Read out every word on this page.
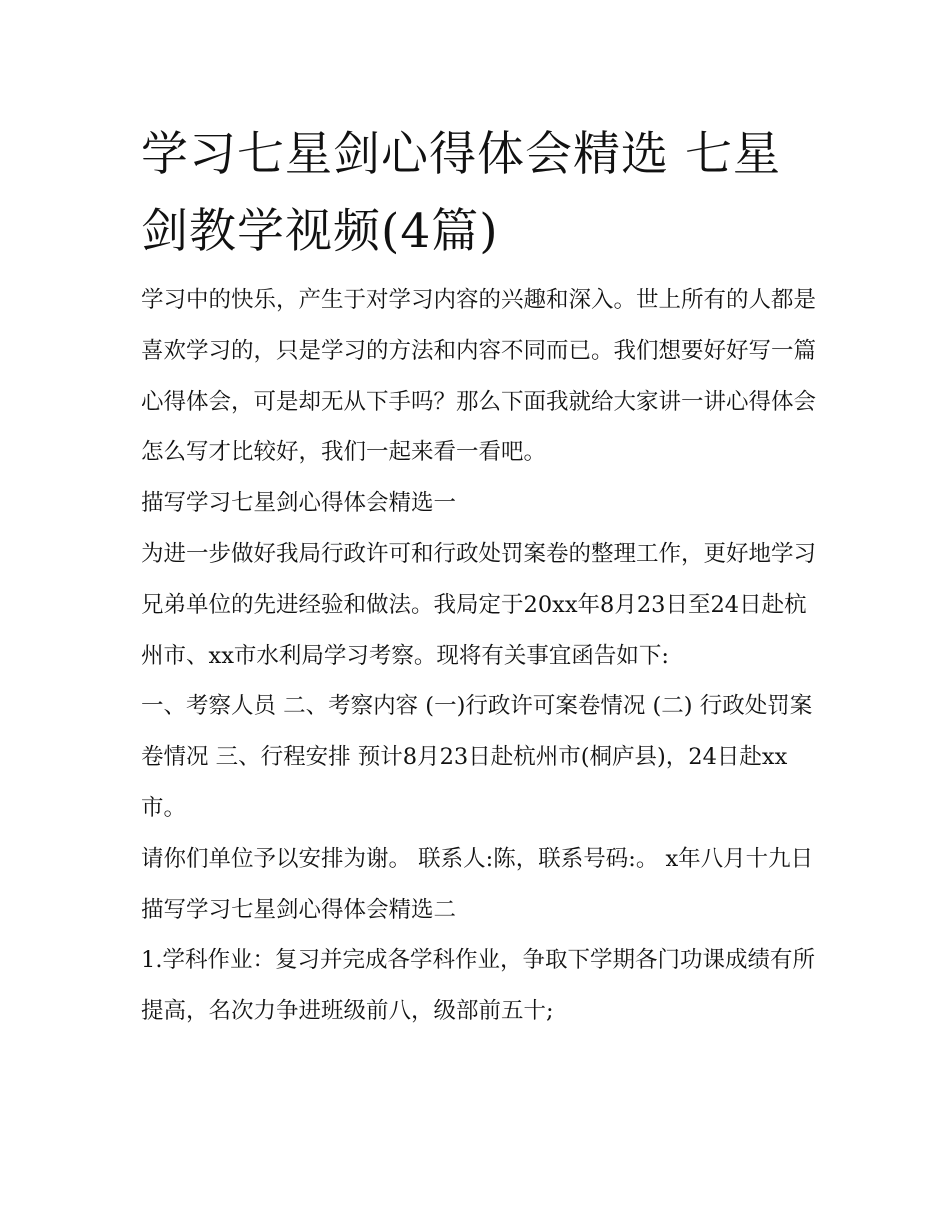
学习七星剑心得体会精选 七星剑教学视频(4篇)

学习中的快乐，产生于对学习内容的兴趣和深入。世上所有的人都是喜欢学习的，只是学习的方法和内容不同而已。我们想要好好写一篇心得体会，可是却无从下手吗？那么下面我就给大家讲一讲心得体会怎么写才比较好，我们一起来看一看吧。

描写学习七星剑心得体会精选一

为进一步做好我局行政许可和行政处罚案卷的整理工作，更好地学习兄弟单位的先进经验和做法。我局定于20xx年8月23日至24日赴杭州市、xx市水利局学习考察。现将有关事宜函告如下:

一、考察人员 二、考察内容 (一)行政许可案卷情况 (二) 行政处罚案卷情况 三、行程安排 预计8月23日赴杭州市(桐庐县)，24日赴xx市。

请你们单位予以安排为谢。 联系人:陈，联系号码:。 x年八月十九日 描写学习七星剑心得体会精选二

1.学科作业：复习并完成各学科作业，争取下学期各门功课成绩有所提高，名次力争进班级前八，级部前五十;
